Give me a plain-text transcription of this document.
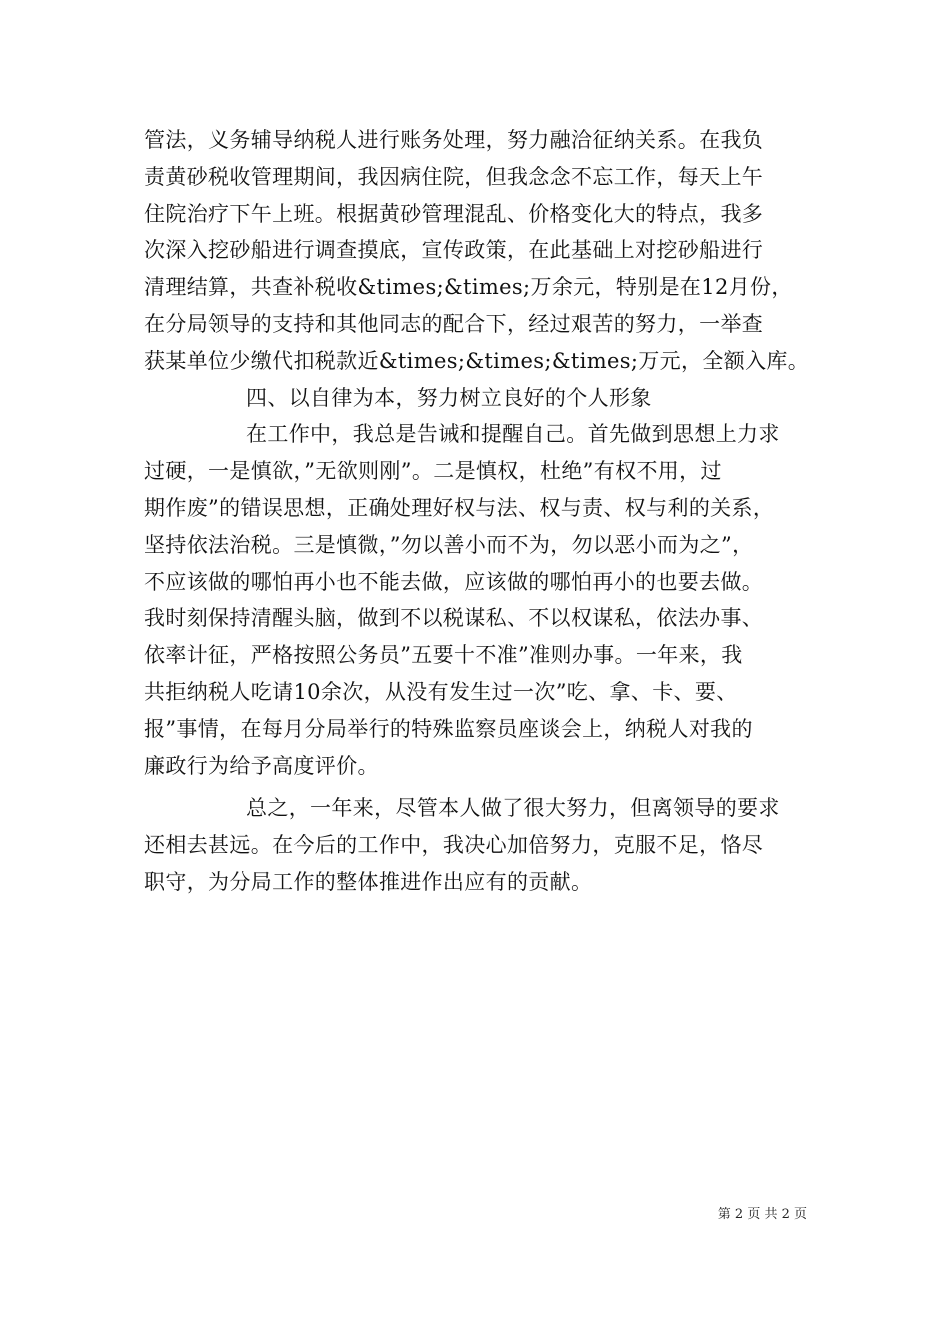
管法，义务辅导纳税人进行账务处理，努力融洽征纳关系。在我负
责黄砂税收管理期间，我因病住院，但我念念不忘工作，每天上午
住院治疗下午上班。根据黄砂管理混乱、价格变化大的特点，我多
次深入挖砂船进行调查摸底，宣传政策，在此基础上对挖砂船进行
清理结算，共查补税收&times;&times;万余元，特别是在12月份，
在分局领导的支持和其他同志的配合下，经过艰苦的努力，一举查
获某单位少缴代扣税款近&times;&times;&times;万元，全额入库。
四、以自律为本，努力树立良好的个人形象
在工作中，我总是告诫和提醒自己。首先做到思想上力求
过硬，一是慎欲，”无欲则刚”。二是慎权，杜绝”有权不用，过
期作废”的错误思想，正确处理好权与法、权与责、权与利的关系，
坚持依法治税。三是慎微，”勿以善小而不为，勿以恶小而为之”，
不应该做的哪怕再小也不能去做，应该做的哪怕再小的也要去做。
我时刻保持清醒头脑，做到不以税谋私、不以权谋私，依法办事、
依率计征，严格按照公务员”五要十不准”准则办事。一年来，我
共拒纳税人吃请10余次，从没有发生过一次”吃、拿、卡、要、
报”事情，在每月分局举行的特殊监察员座谈会上，纳税人对我的
廉政行为给予高度评价。
总之，一年来，尽管本人做了很大努力，但离领导的要求
还相去甚远。在今后的工作中，我决心加倍努力，克服不足，恪尽
职守，为分局工作的整体推进作出应有的贡献。
第 2 页 共 2 页
